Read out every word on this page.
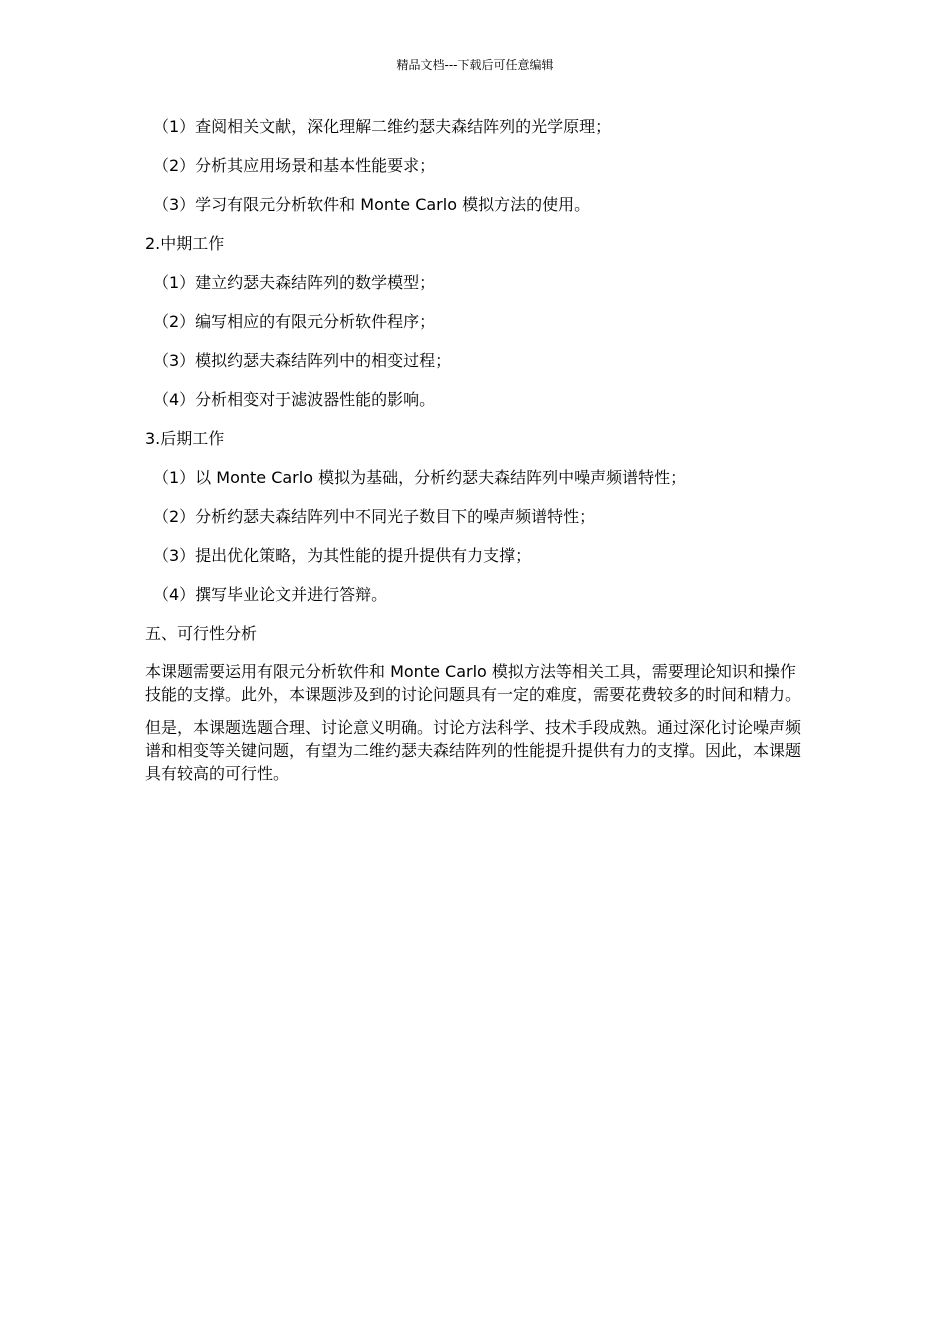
精品文档---下载后可任意编辑
（1）查阅相关文献，深化理解二维约瑟夫森结阵列的光学原理；
（2）分析其应用场景和基本性能要求；
（3）学习有限元分析软件和 Monte Carlo 模拟方法的使用。
2.中期工作
（1）建立约瑟夫森结阵列的数学模型；
（2）编写相应的有限元分析软件程序；
（3）模拟约瑟夫森结阵列中的相变过程；
（4）分析相变对于滤波器性能的影响。
3.后期工作
（1）以 Monte Carlo 模拟为基础，分析约瑟夫森结阵列中噪声频谱特性；
（2）分析约瑟夫森结阵列中不同光子数目下的噪声频谱特性；
（3）提出优化策略，为其性能的提升提供有力支撑；
（4）撰写毕业论文并进行答辩。
五、可行性分析

本课题需要运用有限元分析软件和 Monte Carlo 模拟方法等相关工具，需要理论知识和操作技能的支撑。此外，本课题涉及到的讨论问题具有一定的难度，需要花费较多的时间和精力。

但是，本课题选题合理、讨论意义明确。讨论方法科学、技术手段成熟。通过深化讨论噪声频谱和相变等关键问题，有望为二维约瑟夫森结阵列的性能提升提供有力的支撑。因此，本课题具有较高的可行性。
